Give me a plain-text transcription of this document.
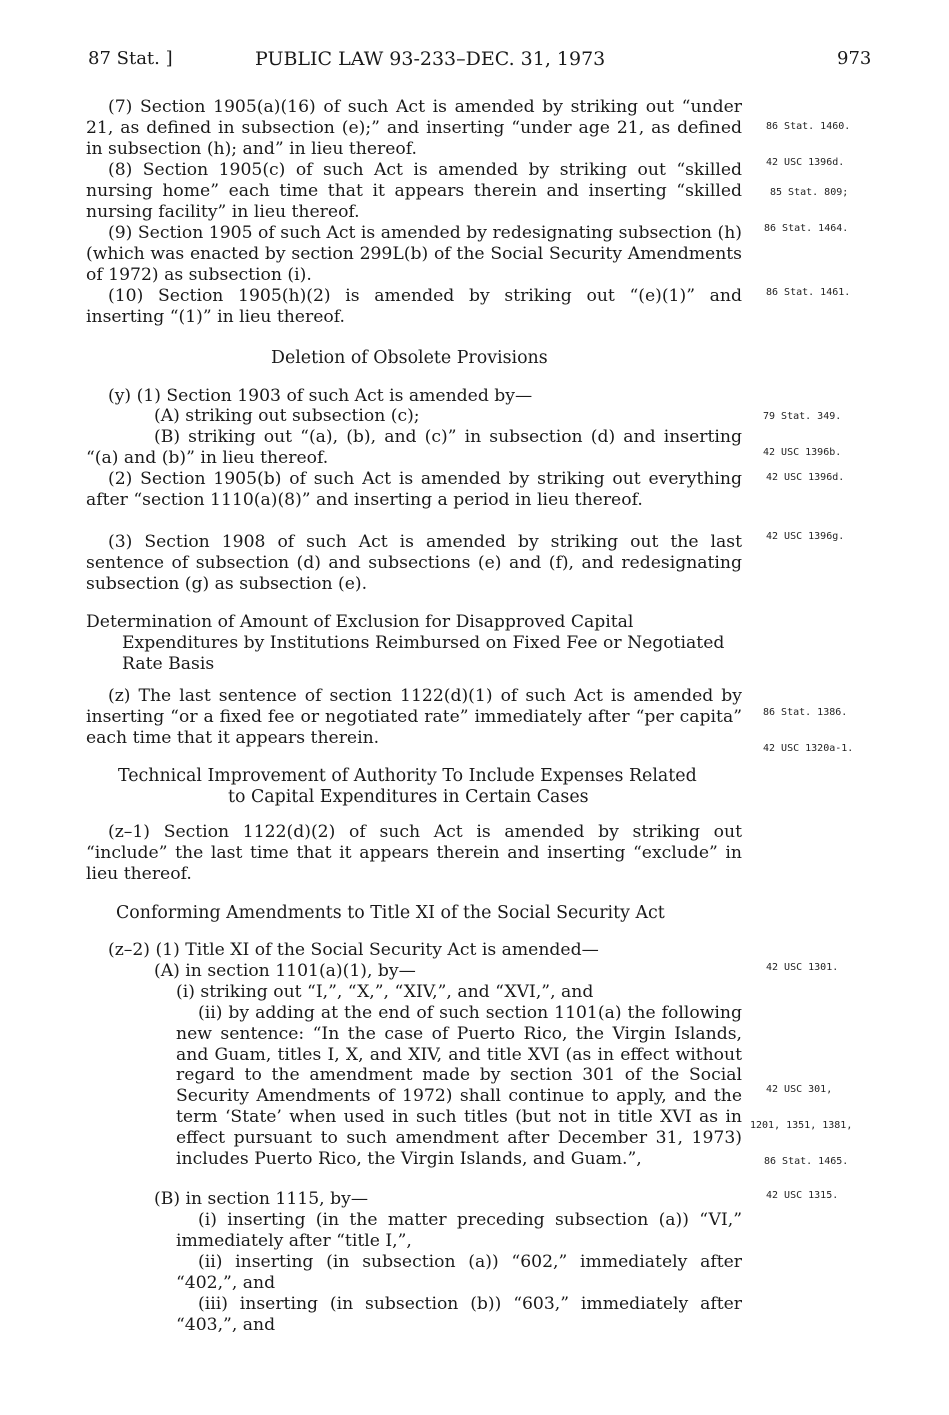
87 Stat. ]	PUBLIC LAW 93-233–DEC. 31, 1973	973
(7) Section 1905(a)(16) of such Act is amended by striking out “under 21, as defined in subsection (e);” and inserting “under age 21, as defined in subsection (h); and” in lieu thereof.
(8) Section 1905(c) of such Act is amended by striking out “skilled nursing home” each time that it appears therein and inserting “skilled nursing facility” in lieu thereof.
(9) Section 1905 of such Act is amended by redesignating subsection (h) (which was enacted by section 299L(b) of the Social Security Amendments of 1972) as subsection (i).
(10) Section 1905(h)(2) is amended by striking out “(e)(1)” and inserting “(1)” in lieu thereof.
Deletion of Obsolete Provisions
(y) (1) Section 1903 of such Act is amended by—
(A) striking out subsection (c);
(B) striking out “(a), (b), and (c)” in subsection (d) and inserting “(a) and (b)” in lieu thereof.
(2) Section 1905(b) of such Act is amended by striking out everything after “section 1110(a)(8)” and inserting a period in lieu thereof.
(3) Section 1908 of such Act is amended by striking out the last sentence of subsection (d) and subsections (e) and (f), and redesignating subsection (g) as subsection (e).
Determination of Amount of Exclusion for Disapproved Capital Expenditures by Institutions Reimbursed on Fixed Fee or Negotiated Rate Basis
(z) The last sentence of section 1122(d)(1) of such Act is amended by inserting “or a fixed fee or negotiated rate” immediately after “per capita” each time that it appears therein.
Technical Improvement of Authority To Include Expenses Related
to Capital Expenditures in Certain Cases
(z–1) Section 1122(d)(2) of such Act is amended by striking out “include” the last time that it appears therein and inserting “exclude” in lieu thereof.
Conforming Amendments to Title XI of the Social Security Act
(z–2) (1) Title XI of the Social Security Act is amended—
(A) in section 1101(a)(1), by—
(i) striking out “I,”, “X,”, “XIV,”, and “XVI,”, and
(ii) by adding at the end of such section 1101(a) the following new sentence: “In the case of Puerto Rico, the Virgin Islands, and Guam, titles I, X, and XIV, and title XVI (as in effect without regard to the amendment made by section 301 of the Social Security Amendments of 1972) shall continue to apply, and the term ‘State’ when used in such titles (but not in title XVI as in effect pursuant to such amendment after December 31, 1973) includes Puerto Rico, the Virgin Islands, and Guam.”,
(B) in section 1115, by—
(i) inserting (in the matter preceding subsection (a)) “VI,” immediately after “title I,”,
(ii) inserting (in subsection (a)) “602,” immediately after “402,”, and
(iii) inserting (in subsection (b)) “603,” immediately after “403,”, and

86 Stat. 1460.

42 USC 1396d.

85 Stat. 809;

86 Stat. 1464.

86 Stat. 1461.

79 Stat. 349.

42 USC 1396b.

42 USC 1396d.
42 USC 1396g.

86 Stat. 1386.

42 USC 1320a-1.

42 USC 1301.

42 USC 301,

1201, 1351, 1381,

86 Stat. 1465.

42 USC 1315.
